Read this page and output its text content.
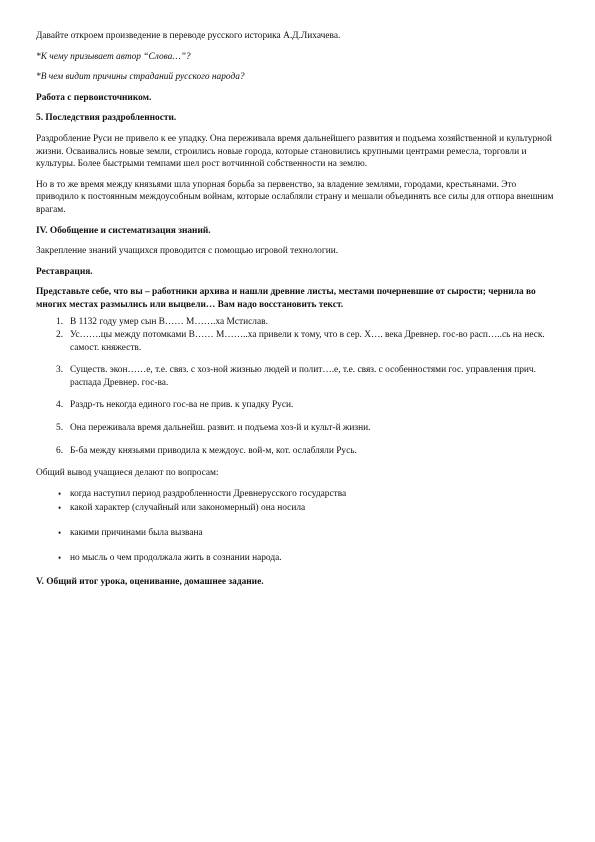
Давайте откроем произведение в переводе русского историка А.Д.Лихачева.

*К чему призывает автор “Слова…”?

*В чем видит причины страданий русского народа?

Работа с первоисточником.

5. Последствия раздробленности.

Раздробление Руси не привело к ее упадку. Она переживала время дальнейшего развития и подъема хозяйственной и культурной жизни. Осваивались новые земли, строились новые города, которые становились крупными центрами ремесла, торговли и культуры. Более быстрыми темпами шел рост вотчинной собственности на землю.

Но в то же время между князьями шла упорная борьба за первенство, за владение землями, городами, крестьянами. Это приводило к постоянным междоусобным войнам, которые ослабляли страну и мешали объединять все силы для отпора внешним врагам.

IV. Обобщение и систематизация знаний.

Закрепление знаний учащихся проводится с помощью игровой технологии.

Реставрация.

Представьте себе, что вы – работники архива и нашли древние листы, местами почерневшие от сырости; чернила во многих местах размылись или выцвели… Вам надо восстановить текст.

1. В 1132 году умер сын В…… М…….ха Мстислав.
2. Ус…….цы между потомками В…… М……..ха привели к тому, что в сер. Х…. века Древнер. гос-во расп…..сь на неск. самост. княжеств.
3. Существ. экон……е, т.е. связ. с хоз-ной жизнью людей и полит….е, т.е. связ. с особенностями гос. управления прич. распада Древнер. гос-ва.
4. Раздр-ть некогда единого гос-ва не прив. к упадку Руси.
5. Она переживала время дальнейш. развит. и подъема хоз-й и культ-й жизни.
6. Б-ба между князьями приводила к междоус. вой-м, кот. ослабляли Русь.

Общий вывод учащиеся делают по вопросам:

• когда наступил период раздробленности Древнерусского государства
• какой характер (случайный или закономерный) она носила
• какими причинами была вызвана
• но мысль о чем продолжала жить в сознании народа.

V. Общий итог урока, оценивание, домашнее задание.
